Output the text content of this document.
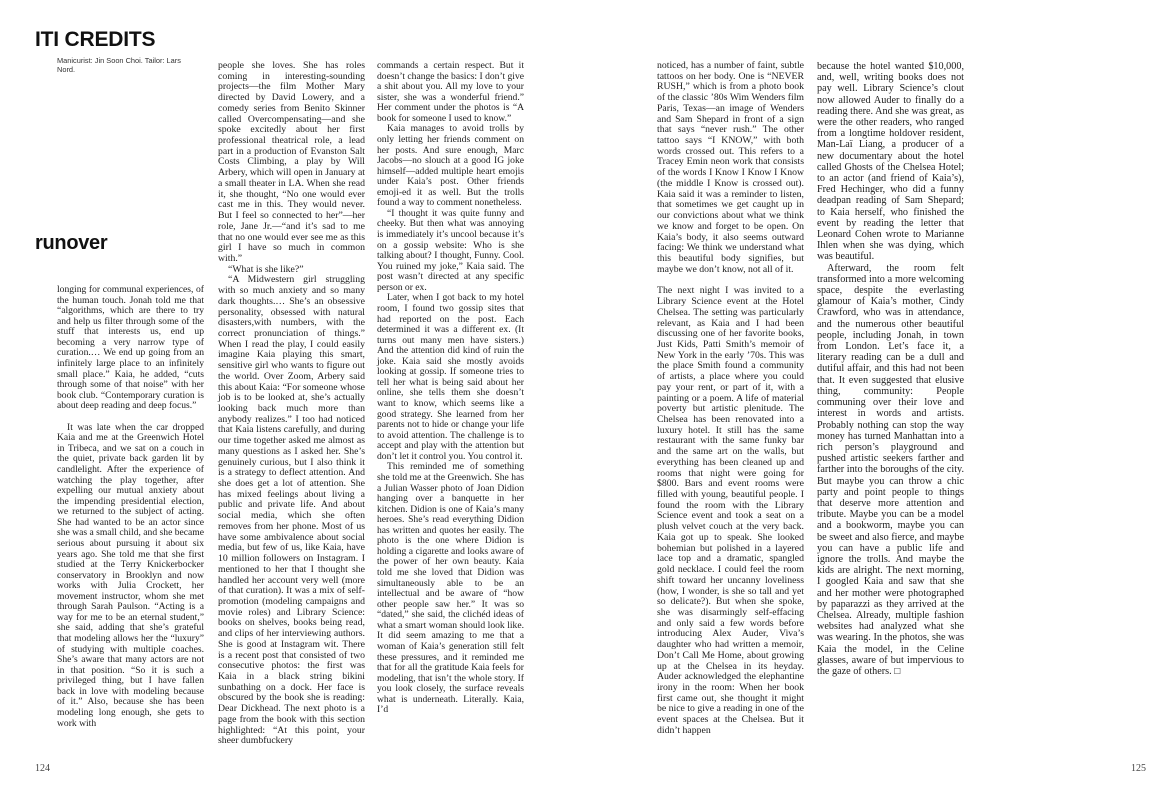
ITI CREDITS
Manicurist: Jin Soon Choi. Tailor: Lars Nord.
runover

longing for communal experiences, of the human touch. Jonah told me that “algorithms, which are there to try and help us filter through some of the stuff that interests us, end up becoming a very narrow type of curation.… We end up going from an infinitely large place to an infinitely small place.” Kaia, he added, “cuts through some of that noise” with her book club. “Contemporary curation is about deep reading and deep focus.”

It was late when the car dropped Kaia and me at the Greenwich Hotel in Tribeca, and we sat on a couch in the quiet, private back garden lit by candlelight. After the experience of watching the play together, after expelling our mutual anxiety about the impending presidential election, we returned to the subject of acting. She had wanted to be an actor since she was a small child, and she became serious about pursuing it about six years ago. She told me that she first studied at the Terry Knickerbocker conservatory in Brooklyn and now works with Julia Crockett, her movement instructor, whom she met through Sarah Paulson. “Acting is a way for me to be an eternal student,” she said, adding that she’s grateful that modeling allows her the “luxury” of studying with multiple coaches. She’s aware that many actors are not in that position. “So it is such a privileged thing, but I have fallen back in love with modeling because of it.” Also, because she has been modeling long enough, she gets to work with

people she loves. She has roles coming in interesting-sounding projects—the film Mother Mary directed by David Lowery, and a comedy series from Benito Skinner called Overcompensating—and she spoke excitedly about her first professional theatrical role, a lead part in a production of Evanston Salt Costs Climbing, a play by Will Arbery, which will open in January at a small theater in LA. When she read it, she thought, “No one would ever cast me in this. They would never. But I feel so connected to her”—her role, Jane Jr.—“and it’s sad to me that no one would ever see me as this girl I have so much in common with.”

“What is she like?”

“A Midwestern girl struggling with so much anxiety and so many dark thoughts.… She’s an obsessive personality, obsessed with natural disasters,with numbers, with the correct pronunciation of things.” When I read the play, I could easily imagine Kaia playing this smart, sensitive girl who wants to figure out the world. Over Zoom, Arbery said this about Kaia: “For someone whose job is to be looked at, she’s actually looking back much more than anybody realizes.” I too had noticed that Kaia listens carefully, and during our time together asked me almost as many questions as I asked her. She’s genuinely curious, but I also think it is a strategy to deflect attention. And she does get a lot of attention. She has mixed feelings about living a public and private life. And about social media, which she often removes from her phone. Most of us have some ambivalence about social media, but few of us, like Kaia, have 10 million followers on Instagram. I mentioned to her that I thought she handled her account very well (more of that curation). It was a mix of self-promotion (modeling campaigns and movie roles) and Library Science: books on shelves, books being read, and clips of her interviewing authors. She is good at Instagram wit. There is a recent post that consisted of two consecutive photos: the first was Kaia in a black string bikini sunbathing on a dock. Her face is obscured by the book she is reading: Dear Dickhead. The next photo is a page from the book with this section highlighted: “At this point, your sheer dumbfuckery

commands a certain respect. But it doesn’t change the basics: I don’t give a shit about you. All my love to your sister, she was a wonderful friend.” Her comment under the photos is “A book for someone I used to know.”

Kaia manages to avoid trolls by only letting her friends comment on her posts. And sure enough, Marc Jacobs—no slouch at a good IG joke himself—added multiple heart emojis under Kaia’s post. Other friends emoji-ed it as well. But the trolls found a way to comment nonetheless.

“I thought it was quite funny and cheeky. But then what was annoying is immediately it’s uncool because it’s on a gossip website: Who is she talking about? I thought, Funny. Cool. You ruined my joke,” Kaia said. The post wasn’t directed at any specific person or ex.

Later, when I got back to my hotel room, I found two gossip sites that had reported on the post. Each determined it was a different ex. (It turns out many men have sisters.) And the attention did kind of ruin the joke. Kaia said she mostly avoids looking at gossip. If someone tries to tell her what is being said about her online, she tells them she doesn’t want to know, which seems like a good strategy. She learned from her parents not to hide or change your life to avoid attention. The challenge is to accept and play with the attention but don’t let it control you. You control it.

This reminded me of something she told me at the Greenwich. She has a Julian Wasser photo of Joan Didion hanging over a banquette in her kitchen. Didion is one of Kaia’s many heroes. She’s read everything Didion has written and quotes her easily. The photo is the one where Didion is holding a cigarette and looks aware of the power of her own beauty. Kaia told me she loved that Didion was simultaneously able to be an intellectual and be aware of “how other people saw her.” It was so “dated,” she said, the clichéd ideas of what a smart woman should look like. It did seem amazing to me that a woman of Kaia’s generation still felt these pressures, and it reminded me that for all the gratitude Kaia feels for modeling, that isn’t the whole story. If you look closely, the surface reveals what is underneath. Literally. Kaia, I’d

124

noticed, has a number of faint, subtle tattoos on her body. One is “NEVER RUSH,” which is from a photo book of the classic ’80s Wim Wenders film Paris, Texas—an image of Wenders and Sam Shepard in front of a sign that says “never rush.” The other tattoo says “I KNOW,” with both words crossed out. This refers to a Tracey Emin neon work that consists of the words I Know I Know I Know (the middle I Know is crossed out). Kaia said it was a reminder to listen, that sometimes we get caught up in our convictions about what we think we know and forget to be open. On Kaia’s body, it also seems outward facing: We think we understand what this beautiful body signifies, but maybe we don’t know, not all of it.

The next night I was invited to a Library Science event at the Hotel Chelsea. The setting was particularly relevant, as Kaia and I had been discussing one of her favorite books, Just Kids, Patti Smith’s memoir of New York in the early ’70s. This was the place Smith found a community of artists, a place where you could pay your rent, or part of it, with a painting or a poem. A life of material poverty but artistic plenitude. The Chelsea has been renovated into a luxury hotel. It still has the same restaurant with the same funky bar and the same art on the walls, but everything has been cleaned up and rooms that night were going for $800. Bars and event rooms were filled with young, beautiful people. I found the room with the Library Science event and took a seat on a plush velvet couch at the very back. Kaia got up to speak. She looked bohemian but polished in a layered lace top and a dramatic, spangled gold necklace. I could feel the room shift toward her uncanny loveliness (how, I wonder, is she so tall and yet so delicate?). But when she spoke, she was disarmingly self-effacing and only said a few words before introducing Alex Auder, Viva’s daughter who had written a memoir, Don’t Call Me Home, about growing up at the Chelsea in its heyday. Auder acknowledged the elephantine irony in the room: When her book first came out, she thought it might be nice to give a reading in one of the event spaces at the Chelsea. But it didn’t happen

because the hotel wanted $10,000, and, well, writing books does not pay well. Library Science’s clout now allowed Auder to finally do a reading there. And she was great, as were the other readers, who ranged from a longtime holdover resident, Man-Laï Liang, a producer of a new documentary about the hotel called Ghosts of the Chelsea Hotel; to an actor (and friend of Kaia’s), Fred Hechinger, who did a funny deadpan reading of Sam Shepard; to Kaia herself, who finished the event by reading the letter that Leonard Cohen wrote to Marianne Ihlen when she was dying, which was beautiful.

Afterward, the room felt transformed into a more welcoming space, despite the everlasting glamour of Kaia’s mother, Cindy Crawford, who was in attendance, and the numerous other beautiful people, including Jonah, in town from London. Let’s face it, a literary reading can be a dull and dutiful affair, and this had not been that. It even suggested that elusive thing, community: People communing over their love and interest in words and artists. Probably nothing can stop the way money has turned Manhattan into a rich person’s playground and pushed artistic seekers farther and farther into the boroughs of the city. But maybe you can throw a chic party and point people to things that deserve more attention and tribute. Maybe you can be a model and a bookworm, maybe you can be sweet and also fierce, and maybe you can have a public life and ignore the trolls. And maybe the kids are alright. The next morning, I googled Kaia and saw that she and her mother were photographed by paparazzi as they arrived at the Chelsea. Already, multiple fashion websites had analyzed what she was wearing. In the photos, she was Kaia the model, in the Celine glasses, aware of but impervious to the gaze of others. □

125
